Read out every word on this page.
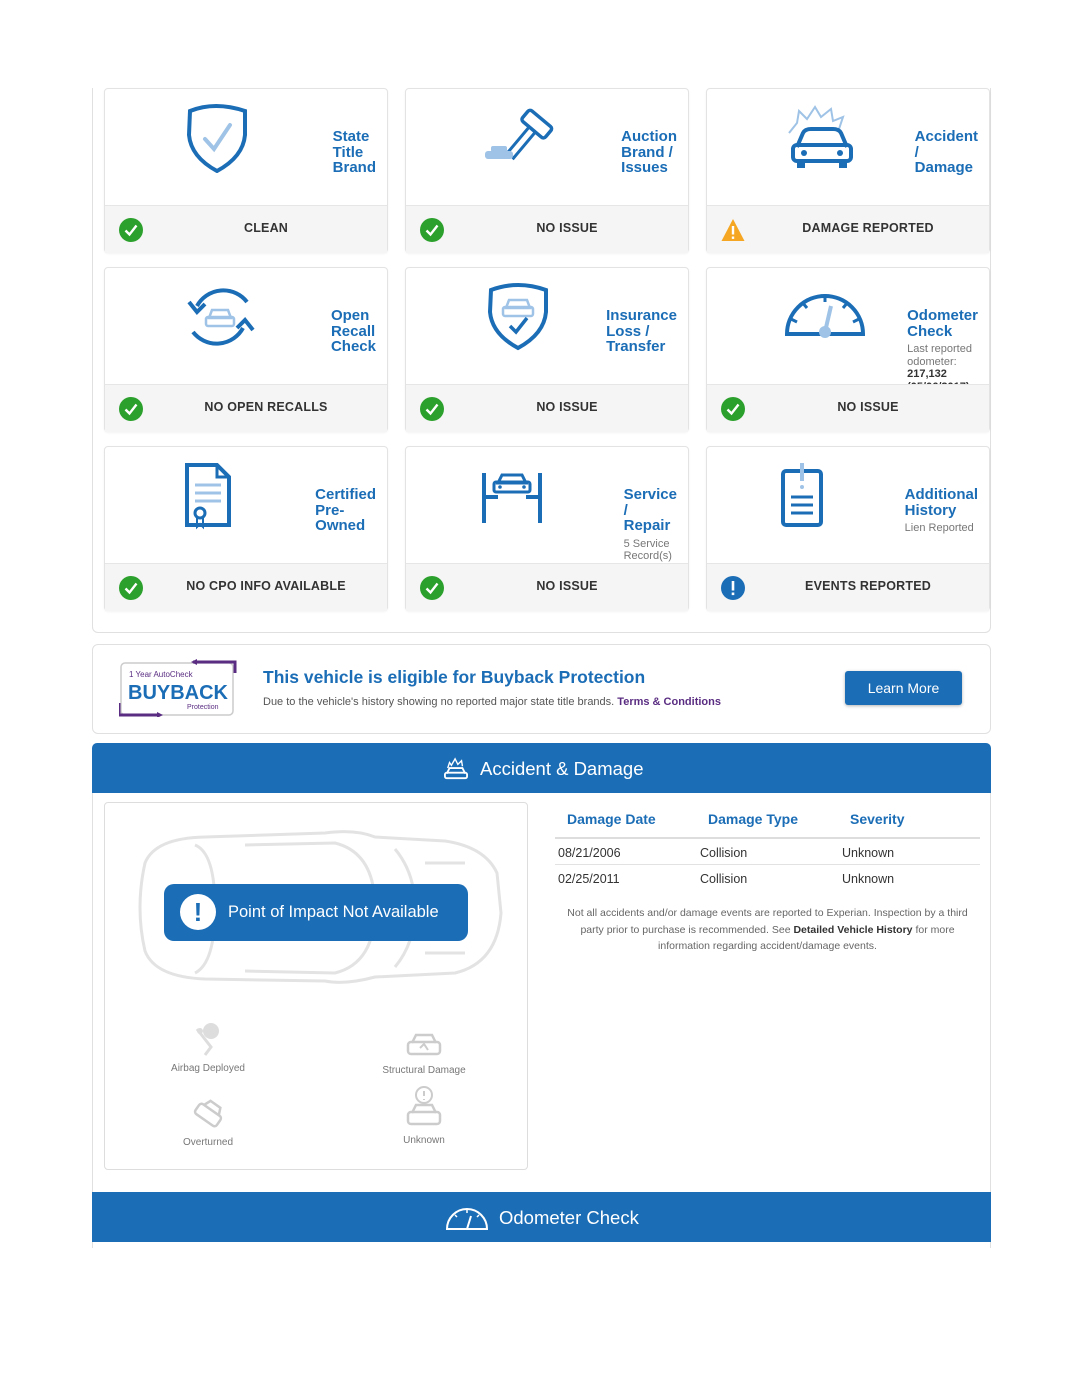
State
Title
Brand
CLEAN
Auction
Brand /
Issues
NO ISSUE
Accident
/
Damage
DAMAGE REPORTED
Open
Recall
Check
NO OPEN RECALLS
Insurance
Loss /
Transfer
NO ISSUE
Odometer
Check
Last reported
odometer:
217,132
NO ISSUE
Certified
Pre-
Owned
NO CPO INFO AVAILABLE
Service
/
Repair
5 Service
Record(s)
NO ISSUE
Additional
History
Lien Reported
EVENTS REPORTED
1 Year AutoCheck
BUYBACK
Protection
This vehicle is eligible for Buyback Protection
Due to the vehicle's history showing no reported major state title brands. Terms & Conditions
Learn More
Accident & Damage
!	Point of Impact Not Available
Airbag Deployed	Structural Damage
Overturned	Unknown
Damage Date	Damage Type	Severity
08/21/2006	Collision	Unknown
02/25/2011	Collision	Unknown
Not all accidents and/or damage events are reported to Experian. Inspection by a third party prior to purchase is recommended. See Detailed Vehicle History for more information regarding accident/damage events.
Odometer Check
